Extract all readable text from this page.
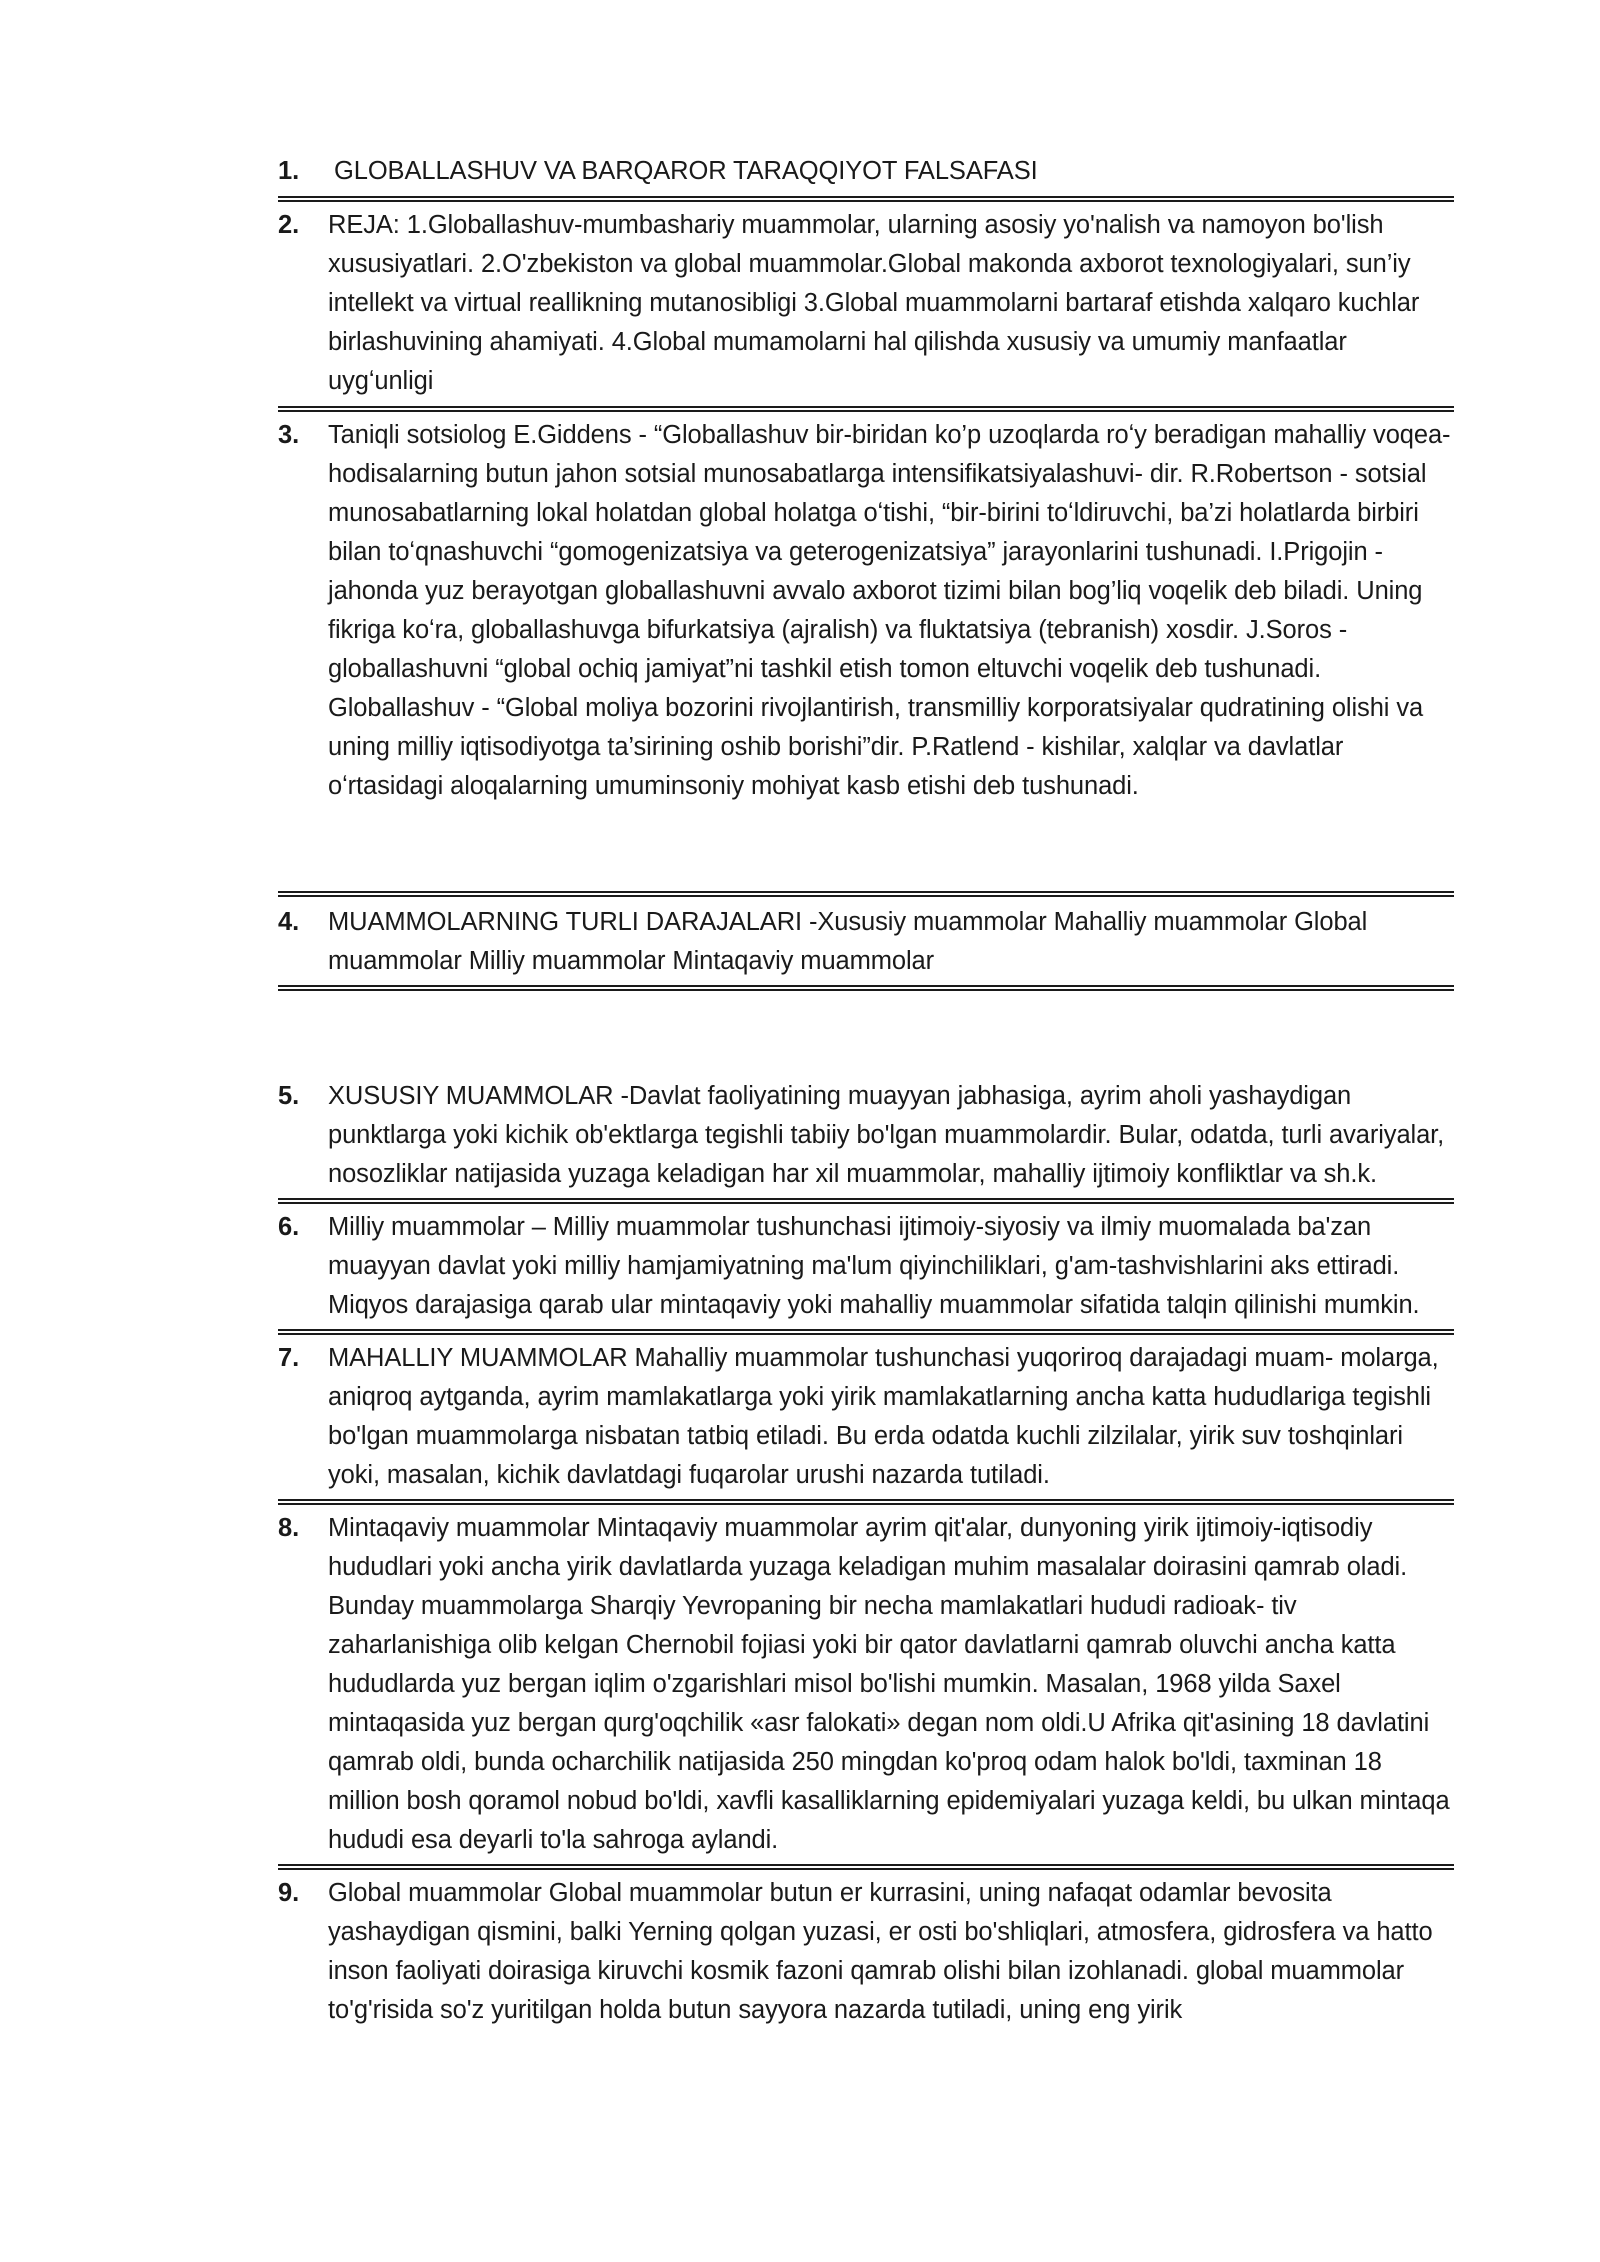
1. GLOBALLASHUV VA BARQAROR TARAQQIYOT FALSAFASI
2. REJA: 1.Globallashuv-mumbashariy muammolar, ularning asosiy yo'nalish va namoyon bo'lish xususiyatlari. 2.O'zbekiston va global muammolar.Global makonda axborot texnologiyalari, sun’iy intellekt va virtual reallikning mutanosibligi 3.Global muammolarni bartaraf etishda xalqaro kuchlar birlashuvining ahamiyati. 4.Global mumamolarni hal qilishda xususiy va umumiy manfaatlar uygʻunligi
3. Taniqli sotsiolog E.Giddens - “Globallashuv bir-biridan ko’p uzoqlarda roʻy beradigan mahalliy voqea-hodisalarning butun jahon sotsial munosabatlarga intensifikatsiyalashuvi- dir. R.Robertson - sotsial munosabatlarning lokal holatdan global holatga oʻtishi, “bir-birini toʻldiruvchi, ba’zi holatlarda birbiri bilan toʻqnashuvchi “gomogenizatsiya va geterogenizatsiya” jarayonlarini tushunadi. I.Prigojin - jahonda yuz berayotgan globallashuvni avvalo axborot tizimi bilan bog’liq voqelik deb biladi. Uning fikriga koʻra, globallashuvga bifurkatsiya (ajralish) va fluktatsiya (tebranish) xosdir. J.Soros - globallashuvni “global ochiq jamiyat”ni tashkil etish tomon eltuvchi voqelik deb tushunadi. Globallashuv - “Global moliya bozorini rivojlantirish, transmilliy korporatsiyalar qudratining olishi va uning milliy iqtisodiyotga ta’sirining oshib borishi”dir. P.Ratlend - kishilar, xalqlar va davlatlar oʻrtasidagi aloqalarning umuminsoniy mohiyat kasb etishi deb tushunadi.
4. MUAMMOLARNING TURLI DARAJALARI -Xususiy muammolar Mahalliy muammolar Global muammolar Milliy muammolar Mintaqaviy muammolar
5. XUSUSIY MUAMMOLAR -Davlat faoliyatining muayyan jabhasiga, ayrim aholi yashaydigan punktlarga yoki kichik ob'ektlarga tegishli tabiiy bo'lgan muammolardir. Bular, odatda, turli avariyalar, nosozliklar natijasida yuzaga keladigan har xil muammolar, mahalliy ijtimoiy konfliktlar va sh.k.
6. Milliy muammolar – Milliy muammolar tushunchasi ijtimoiy-siyosiy va ilmiy muomalada ba'zan muayyan davlat yoki milliy hamjamiyatning ma'lum qiyinchiliklari, g'am-tashvishlarini aks ettiradi. Miqyos darajasiga qarab ular mintaqaviy yoki mahalliy muammolar sifatida talqin qilinishi mumkin.
7. MAHALLIY MUAMMOLAR Mahalliy muammolar tushunchasi yuqoriroq darajadagi muam- molarga, aniqroq aytganda, ayrim mamlakatlarga yoki yirik mamlakatlarning ancha katta hududlariga tegishli bo'lgan muammolarga nisbatan tatbiq etiladi. Bu erda odatda kuchli zilzilalar, yirik suv toshqinlari yoki, masalan, kichik davlatdagi fuqarolar urushi nazarda tutiladi.
8. Mintaqaviy muammolar Mintaqaviy muammolar ayrim qit'alar, dunyoning yirik ijtimoiy-iqtisodiy hududlari yoki ancha yirik davlatlarda yuzaga keladigan muhim masalalar doirasini qamrab oladi. Bunday muammolarga Sharqiy Yevropaning bir necha mamlakatlari hududi radioak- tiv zaharlanishiga olib kelgan Chernobil fojiasi yoki bir qator davlatlarni qamrab oluvchi ancha katta hududlarda yuz bergan iqlim o'zgarishlari misol bo'lishi mumkin. Masalan, 1968 yilda Saxel mintaqasida yuz bergan qurg'oqchilik «asr falokati» degan nom oldi.U Afrika qit'asining 18 davlatini qamrab oldi, bunda ocharchilik natijasida 250 mingdan ko'proq odam halok bo'ldi, taxminan 18 million bosh qoramol nobud bo'ldi, xavfli kasalliklarning epidemiyalari yuzaga keldi, bu ulkan mintaqa hududi esa deyarli to'la sahroga aylandi.
9. Global muammolar Global muammolar butun er kurrasini, uning nafaqat odamlar bevosita yashaydigan qismini, balki Yerning qolgan yuzasi, er osti bo'shliqlari, atmosfera, gidrosfera va hatto inson faoliyati doirasiga kiruvchi kosmik fazoni qamrab olishi bilan izohlanadi. global muammolar to'g'risida so'z yuritilgan holda butun sayyora nazarda tutiladi, uning eng yirik
